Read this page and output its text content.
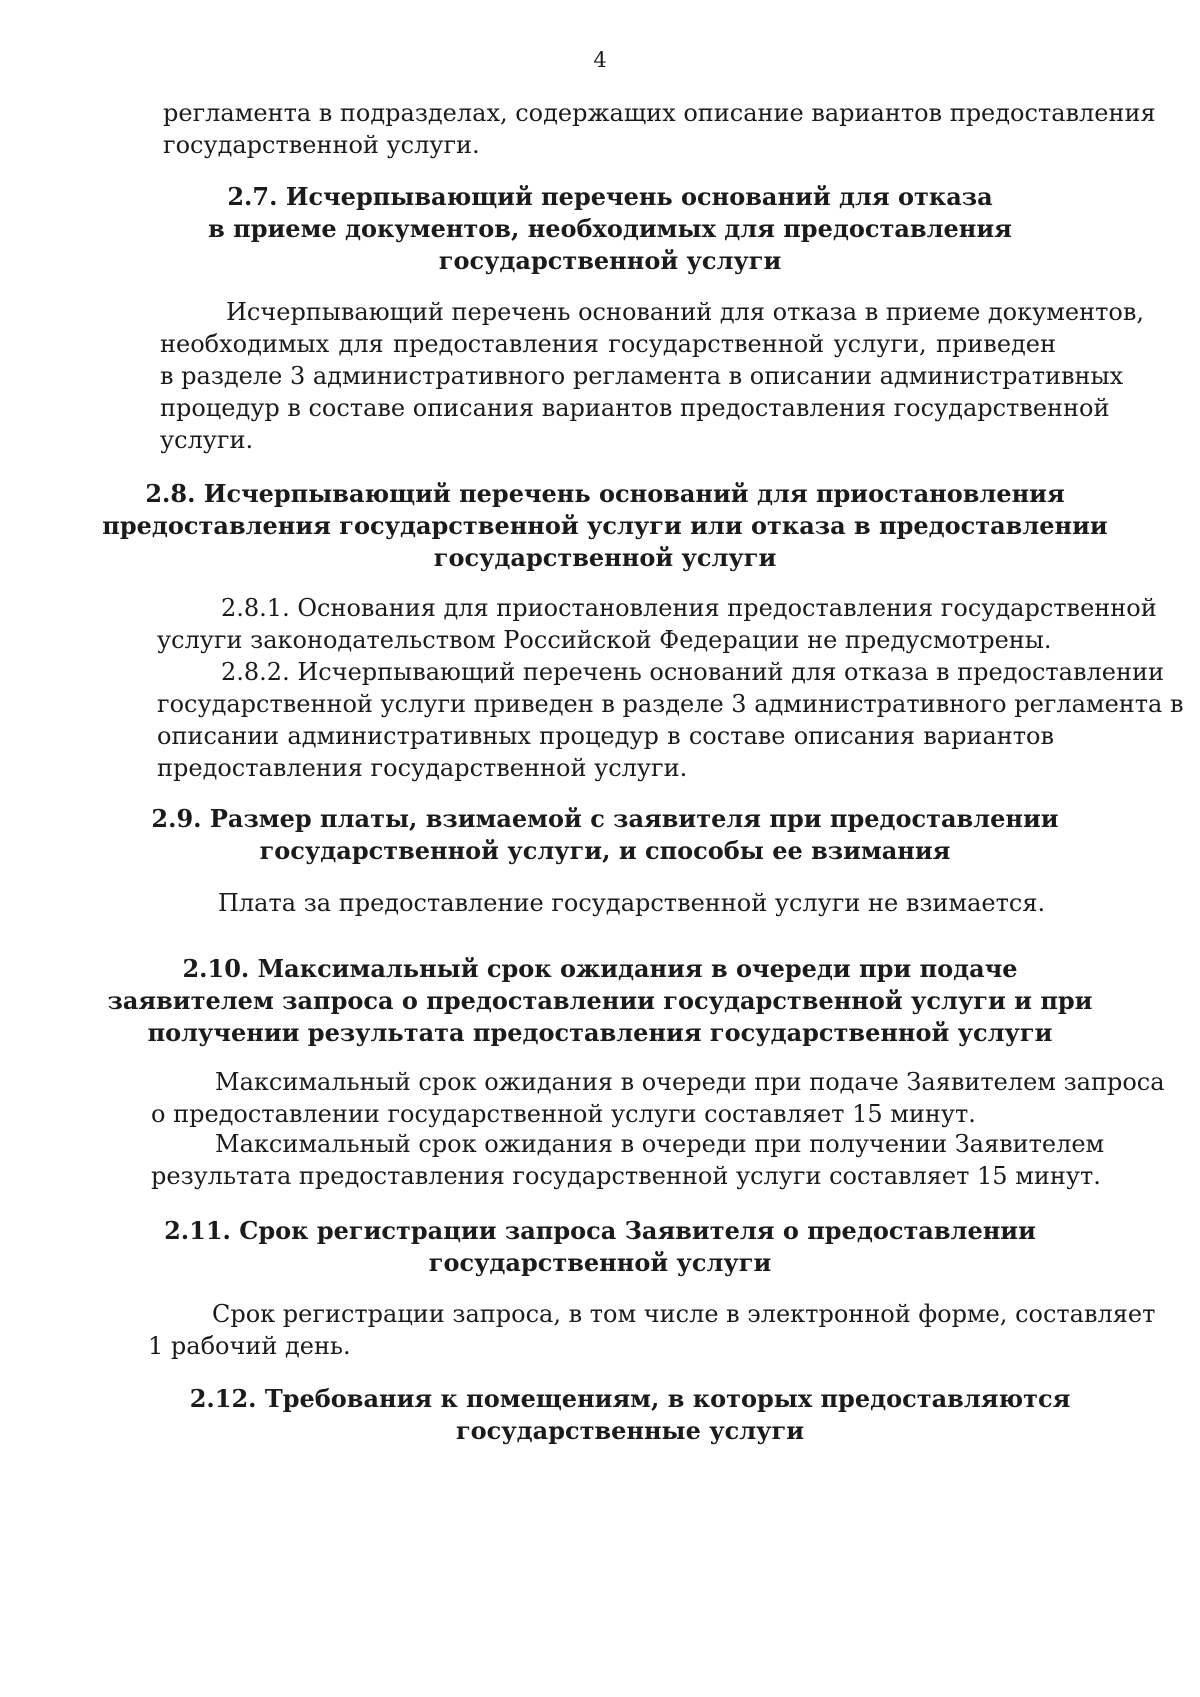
4
регламента в подразделах, содержащих описание вариантов предоставления
государственной услуги.
2.7. Исчерпывающий перечень оснований для отказа
в приеме документов, необходимых для предоставления
государственной услуги
Исчерпывающий перечень оснований для отказа в приеме документов,
необходимых для предоставления государственной услуги, приведен
в разделе 3 административного регламента в описании административных
процедур в составе описания вариантов предоставления государственной
услуги.
2.8. Исчерпывающий перечень оснований для приостановления
предоставления государственной услуги или отказа в предоставлении
государственной услуги
2.8.1. Основания для приостановления предоставления государственной
услуги законодательством Российской Федерации не предусмотрены.
2.8.2. Исчерпывающий перечень оснований для отказа в предоставлении
государственной услуги приведен в разделе 3 административного регламента в
описании административных процедур в составе описания вариантов
предоставления государственной услуги.
2.9. Размер платы, взимаемой с заявителя при предоставлении
государственной услуги, и способы ее взимания
Плата за предоставление государственной услуги не взимается.
2.10. Максимальный срок ожидания в очереди при подаче
заявителем запроса о предоставлении государственной услуги и при
получении результата предоставления государственной услуги
Максимальный срок ожидания в очереди при подаче Заявителем запроса
о предоставлении государственной услуги составляет 15 минут.
Максимальный срок ожидания в очереди при получении Заявителем
результата предоставления государственной услуги составляет 15 минут.
2.11. Срок регистрации запроса Заявителя о предоставлении
государственной услуги
Срок регистрации запроса, в том числе в электронной форме, составляет
1 рабочий день.
2.12. Требования к помещениям, в которых предоставляются
государственные услуги
